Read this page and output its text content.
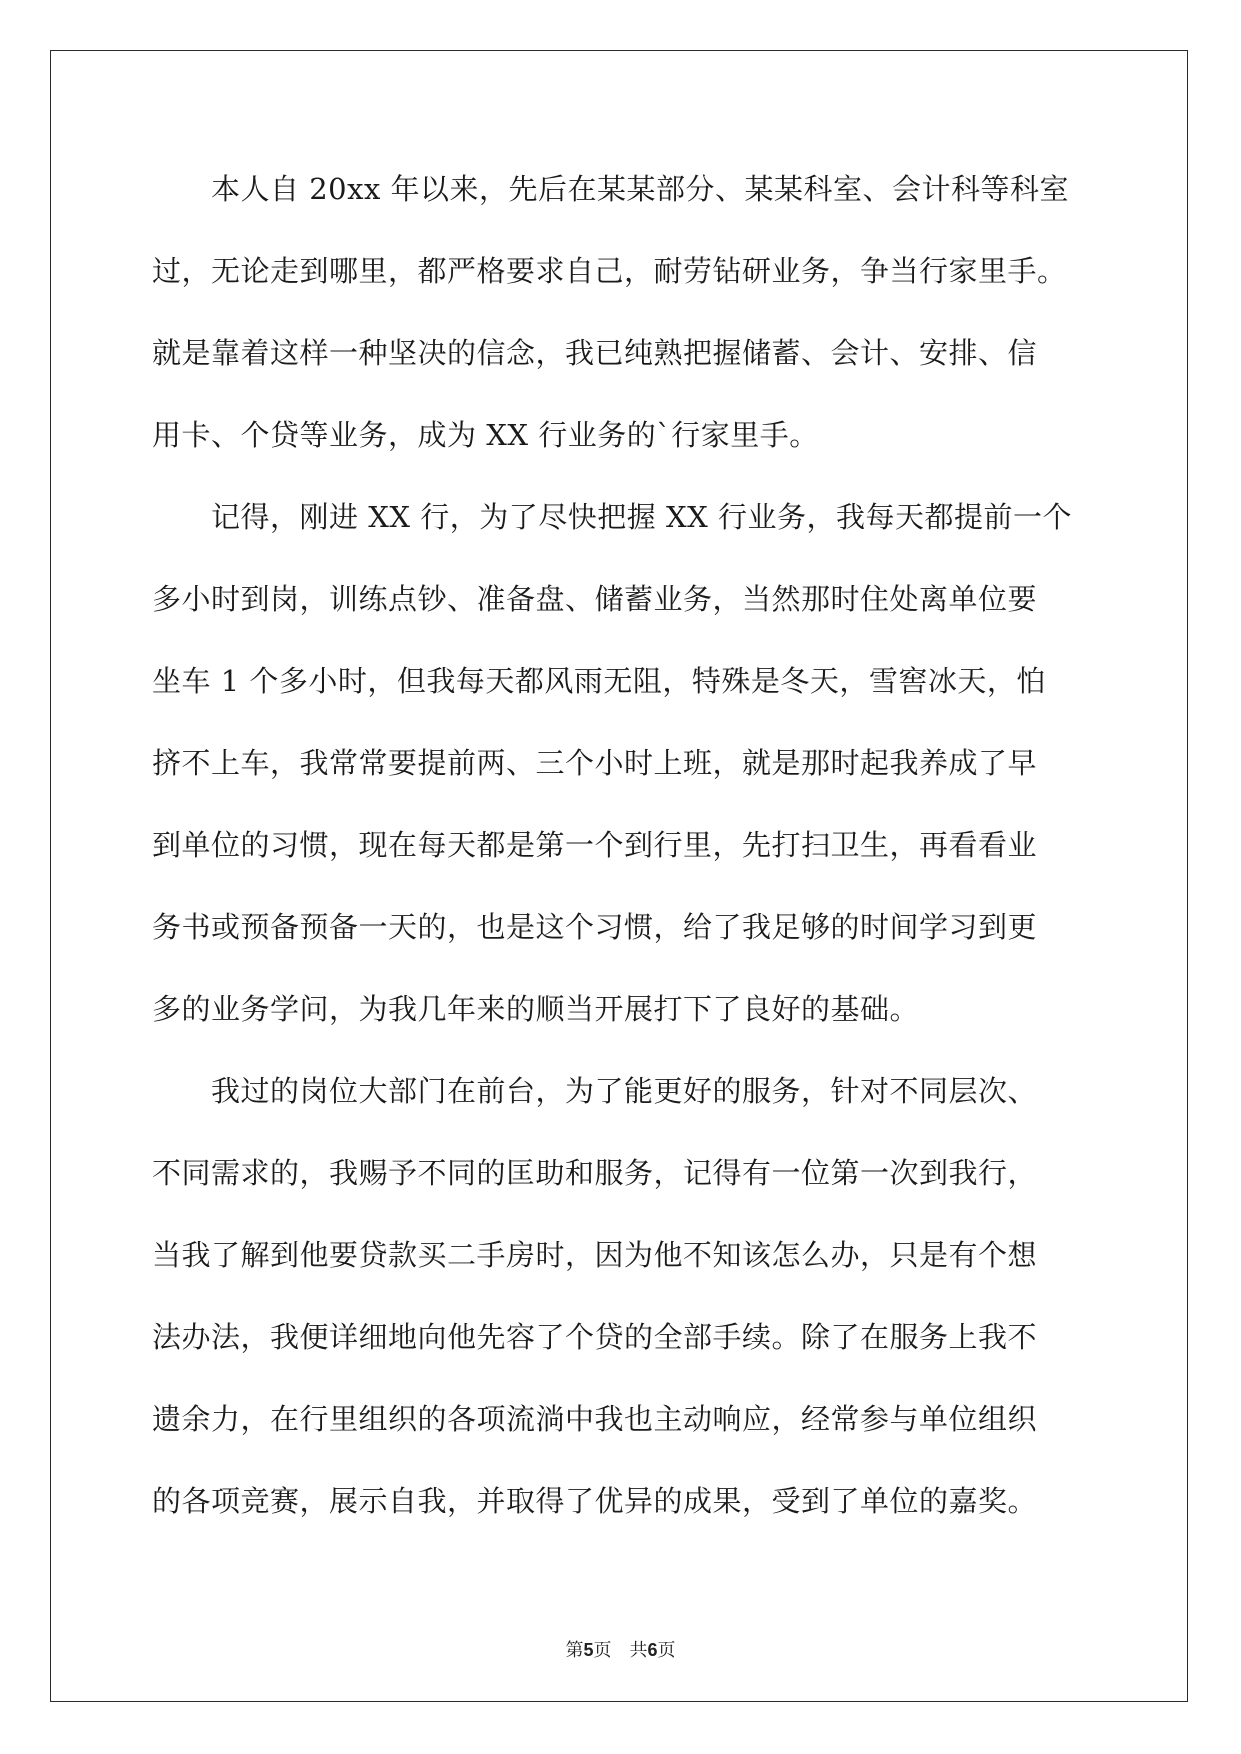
　　本人自 20xx 年以来，先后在某某部分、某某科室、会计科等科室
过，无论走到哪里，都严格要求自己，耐劳钻研业务，争当行家里手。
就是靠着这样一种坚决的信念，我已纯熟把握储蓄、会计、安排、信
用卡、个贷等业务，成为 XX 行业务的`行家里手。
　　记得，刚进 XX 行，为了尽快把握 XX 行业务，我每天都提前一个
多小时到岗，训练点钞、准备盘、储蓄业务，当然那时住处离单位要
坐车 1 个多小时，但我每天都风雨无阻，特殊是冬天，雪窖冰天，怕
挤不上车，我常常要提前两、三个小时上班，就是那时起我养成了早
到单位的习惯，现在每天都是第一个到行里，先打扫卫生，再看看业
务书或预备预备一天的，也是这个习惯，给了我足够的时间学习到更
多的业务学问，为我几年来的顺当开展打下了良好的基础。
　　我过的岗位大部门在前台，为了能更好的服务，针对不同层次、
不同需求的，我赐予不同的匡助和服务，记得有一位第一次到我行，
当我了解到他要贷款买二手房时，因为他不知该怎么办，只是有个想
法办法，我便详细地向他先容了个贷的全部手续。除了在服务上我不
遗余力，在行里组织的各项流淌中我也主动响应，经常参与单位组织
的各项竞赛，展示自我，并取得了优异的成果，受到了单位的嘉奖。
第5页 共6页
